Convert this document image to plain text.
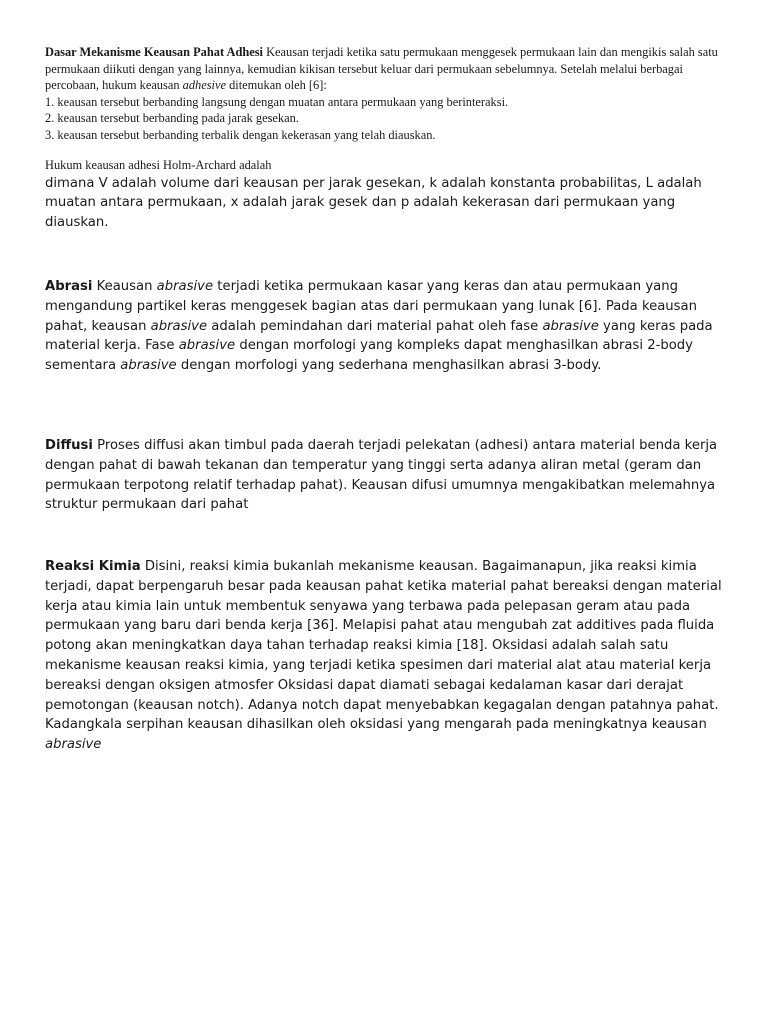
Dasar Mekanisme Keausan Pahat Adhesi Keausan terjadi ketika satu permukaan menggesek permukaan lain dan mengikis salah satu permukaan diikuti dengan yang lainnya, kemudian kikisan tersebut keluar dari permukaan sebelumnya. Setelah melalui berbagai percobaan, hukum keausan adhesive ditemukan oleh [6]:
1. keausan tersebut berbanding langsung dengan muatan antara permukaan yang berinteraksi.
2. keausan tersebut berbanding pada jarak gesekan.
3. keausan tersebut berbanding terbalik dengan kekerasan yang telah diauskan.
Hukum keausan adhesi Holm-Archard adalah
dimana V adalah volume dari keausan per jarak gesekan, k adalah konstanta probabilitas, L adalah muatan antara permukaan, x adalah jarak gesek dan p adalah kekerasan dari permukaan yang diauskan.
Abrasi Keausan abrasive terjadi ketika permukaan kasar yang keras dan atau permukaan yang mengandung partikel keras menggesek bagian atas dari permukaan yang lunak [6]. Pada keausan pahat, keausan abrasive adalah pemindahan dari material pahat oleh fase abrasive yang keras pada material kerja. Fase abrasive dengan morfologi yang kompleks dapat menghasilkan abrasi 2-body sementara abrasive dengan morfologi yang sederhana menghasilkan abrasi 3-body.
Diffusi Proses diffusi akan timbul pada daerah terjadi pelekatan (adhesi) antara material benda kerja dengan pahat di bawah tekanan dan temperatur yang tinggi serta adanya aliran metal (geram dan permukaan terpotong relatif terhadap pahat). Keausan difusi umumnya mengakibatkan melemahnya struktur permukaan dari pahat
Reaksi Kimia Disini, reaksi kimia bukanlah mekanisme keausan. Bagaimanapun, jika reaksi kimia terjadi, dapat berpengaruh besar pada keausan pahat ketika material pahat bereaksi dengan material kerja atau kimia lain untuk membentuk senyawa yang terbawa pada pelepasan geram atau pada permukaan yang baru dari benda kerja [36]. Melapisi pahat atau mengubah zat additives pada fluida potong akan meningkatkan daya tahan terhadap reaksi kimia [18]. Oksidasi adalah salah satu mekanisme keausan reaksi kimia, yang terjadi ketika spesimen dari material alat atau material kerja bereaksi dengan oksigen atmosfer Oksidasi dapat diamati sebagai kedalaman kasar dari derajat pemotongan (keausan notch). Adanya notch dapat menyebabkan kegagalan dengan patahnya pahat. Kadangkala serpihan keausan dihasilkan oleh oksidasi yang mengarah pada meningkatnya keausan abrasive
